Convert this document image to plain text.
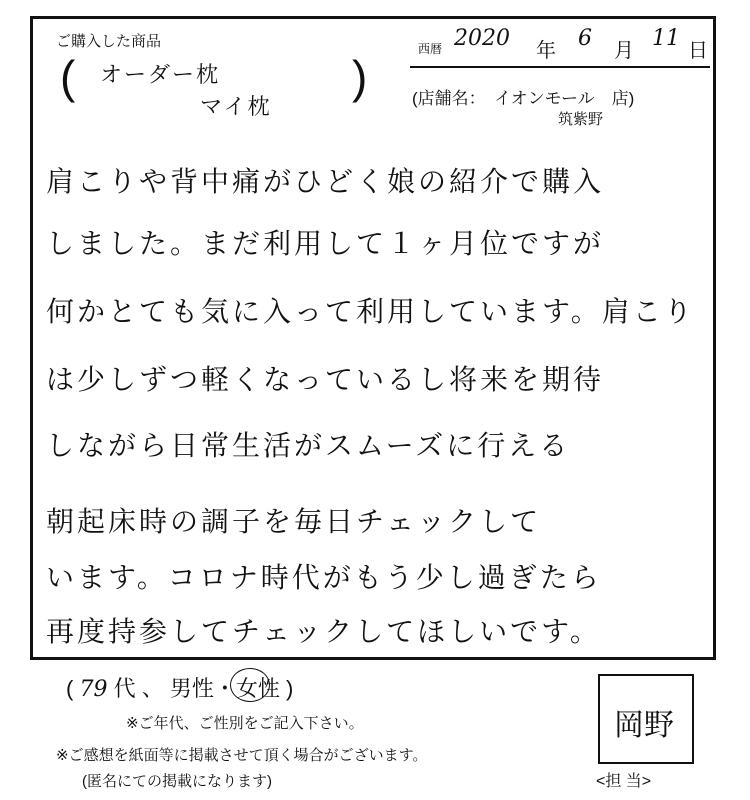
ご購入した商品
( オーダー枕
マイ枕
)
西暦 2020 年 6 月 11 日
(店舗名：　イオンモール　店)
筑紫野
肩こりや背中痛がひどく娘の紹介で購入
しました。まだ利用して１ヶ月位ですが
何かとても気に入って利用しています。肩こり
は少しずつ軽くなっているし将来を期待
しながら日常生活がスムーズに行える
朝起床時の調子を毎日チェックして
います。コロナ時代がもう少し過ぎたら
再度持参してチェックしてほしいです。
( 79 代 、 男性・
女性 )
※ご年代、ご性別をご記入下さい。
※ご感想を紙面等に掲載させて頂く場合がございます。
(匿名にての掲載になります)
岡野
<担 当>
